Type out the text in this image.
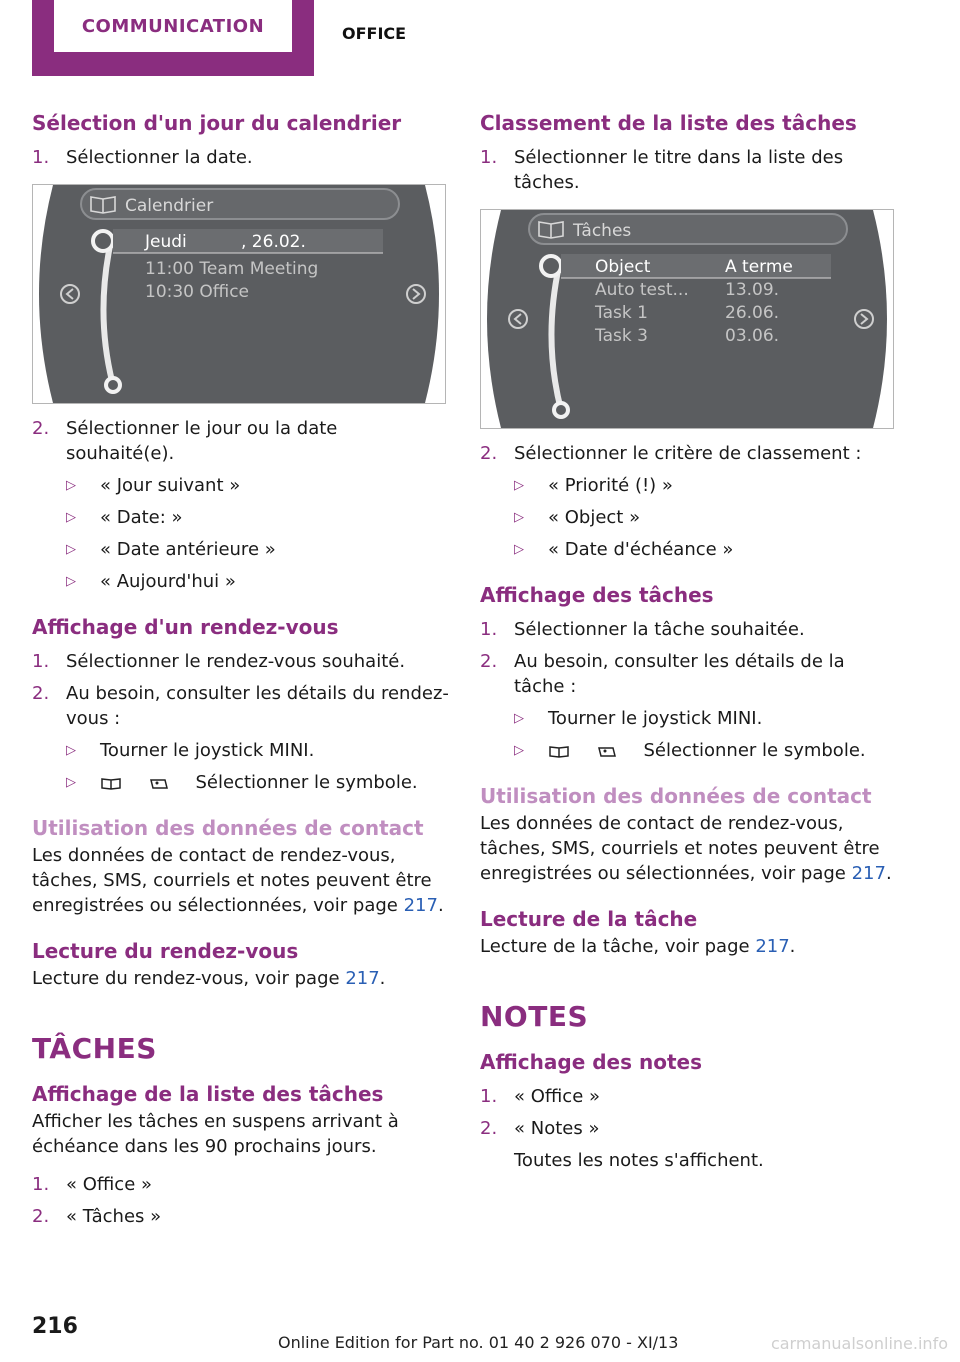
COMMUNICATION	OFFICE
Sélection d'un jour du calendrier
1. Sélectionner la date.
Calendrier
Jeudi	, 26.02.
11:00 Team Meeting
10:30 Office
2. Sélectionner le jour ou la date souhaité(e).
▷	« Jour suivant »
▷	« Date: »
▷	« Date antérieure »
▷	« Aujourd'hui »
Affichage d'un rendez-vous
1. Sélectionner le rendez-vous souhaité.
2. Au besoin, consulter les détails du rendez-vous :
▷	Tourner le joystick MINI.
▷	Sélectionner le symbole.
Utilisation des données de contact

Les données de contact de rendez-vous, tâches, SMS, courriels et notes peuvent être enregistrées ou sélectionnées, voir page 217.

Lecture du rendez-vous

Lecture du rendez-vous, voir page 217.

TÂCHES
Affichage de la liste des tâches

Afficher les tâches en suspens arrivant à échéance dans les 90 prochains jours.

1. « Office »
2. « Tâches »
Classement de la liste des tâches
1. Sélectionner le titre dans la liste des tâches.
Tâches
Object	A terme
Auto test... 13.09.
Task 1	26.06.
Task 3	03.06.
2. Sélectionner le critère de classement :
▷	« Priorité (!) »
▷	« Object »
▷	« Date d'échéance »
Affichage des tâches
1. Sélectionner la tâche souhaitée.
2. Au besoin, consulter les détails de la tâche :
▷	Tourner le joystick MINI.
▷	Sélectionner le symbole.
Utilisation des données de contact

Les données de contact de rendez-vous, tâches, SMS, courriels et notes peuvent être enregistrées ou sélectionnées, voir page 217.

Lecture de la tâche

Lecture de la tâche, voir page 217.

NOTES
Affichage des notes
1. « Office »
2. « Notes »
Toutes les notes s'affichent.
216
Online Edition for Part no. 01 40 2 926 070 - XI/13	carmanualsonline.info
